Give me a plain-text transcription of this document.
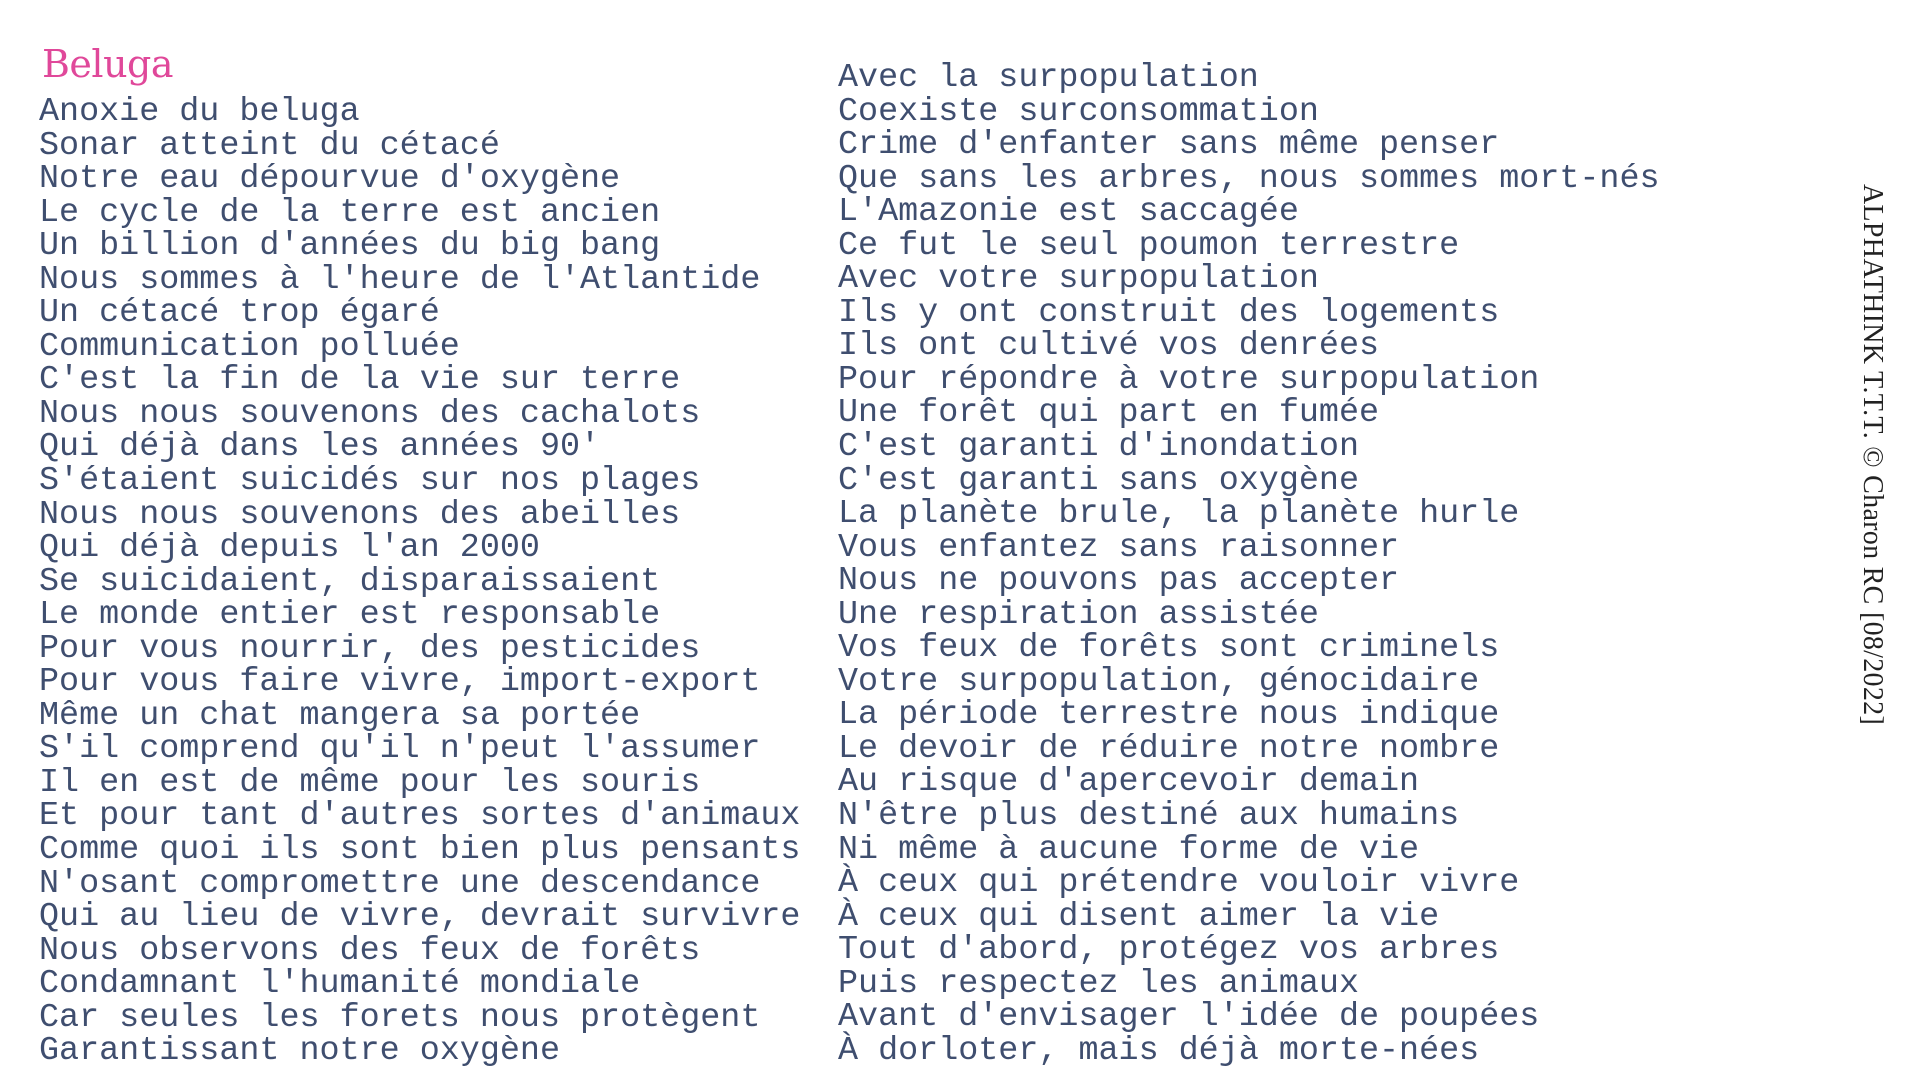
Beluga
Anoxie du beluga
Sonar atteint du cétacé
Notre eau dépourvue d'oxygène
Le cycle de la terre est ancien
Un billion d'années du big bang
Nous sommes à l'heure de l'Atlantide
Un cétacé trop égaré
Communication polluée
C'est la fin de la vie sur terre
Nous nous souvenons des cachalots
Qui déjà dans les années 90'
S'étaient suicidés sur nos plages
Nous nous souvenons des abeilles
Qui déjà depuis l'an 2000
Se suicidaient, disparaissaient
Le monde entier est responsable
Pour vous nourrir, des pesticides
Pour vous faire vivre, import-export
Même un chat mangera sa portée
S'il comprend qu'il n'peut l'assumer
Il en est de même pour les souris
Et pour tant d'autres sortes d'animaux
Comme quoi ils sont bien plus pensants
N'osant compromettre une descendance
Qui au lieu de vivre, devrait survivre
Nous observons des feux de forêts
Condamnant l'humanité mondiale
Car seules les forets nous protègent
Garantissant notre oxygène
Avec la surpopulation
Coexiste surconsommation
Crime d'enfanter sans même penser
Que sans les arbres, nous sommes mort-nés
L'Amazonie est saccagée
Ce fut le seul poumon terrestre
Avec votre surpopulation
Ils y ont construit des logements
Ils ont cultivé vos denrées
Pour répondre à votre surpopulation
Une forêt qui part en fumée
C'est garanti d'inondation
C'est garanti sans oxygène
La planète brule, la planète hurle
Vous enfantez sans raisonner
Nous ne pouvons pas accepter
Une respiration assistée
Vos feux de forêts sont criminels
Votre surpopulation, génocidaire
La période terrestre nous indique
Le devoir de réduire notre nombre
Au risque d'apercevoir demain
N'être plus destiné aux humains
Ni même à aucune forme de vie
À ceux qui prétendre vouloir vivre
À ceux qui disent aimer la vie
Tout d'abord, protégez vos arbres
Puis respectez les animaux
Avant d'envisager l'idée de poupées
À dorloter, mais déjà morte-nées
ALPHATHINK T.T.T. © Charon RC [08/2022]
